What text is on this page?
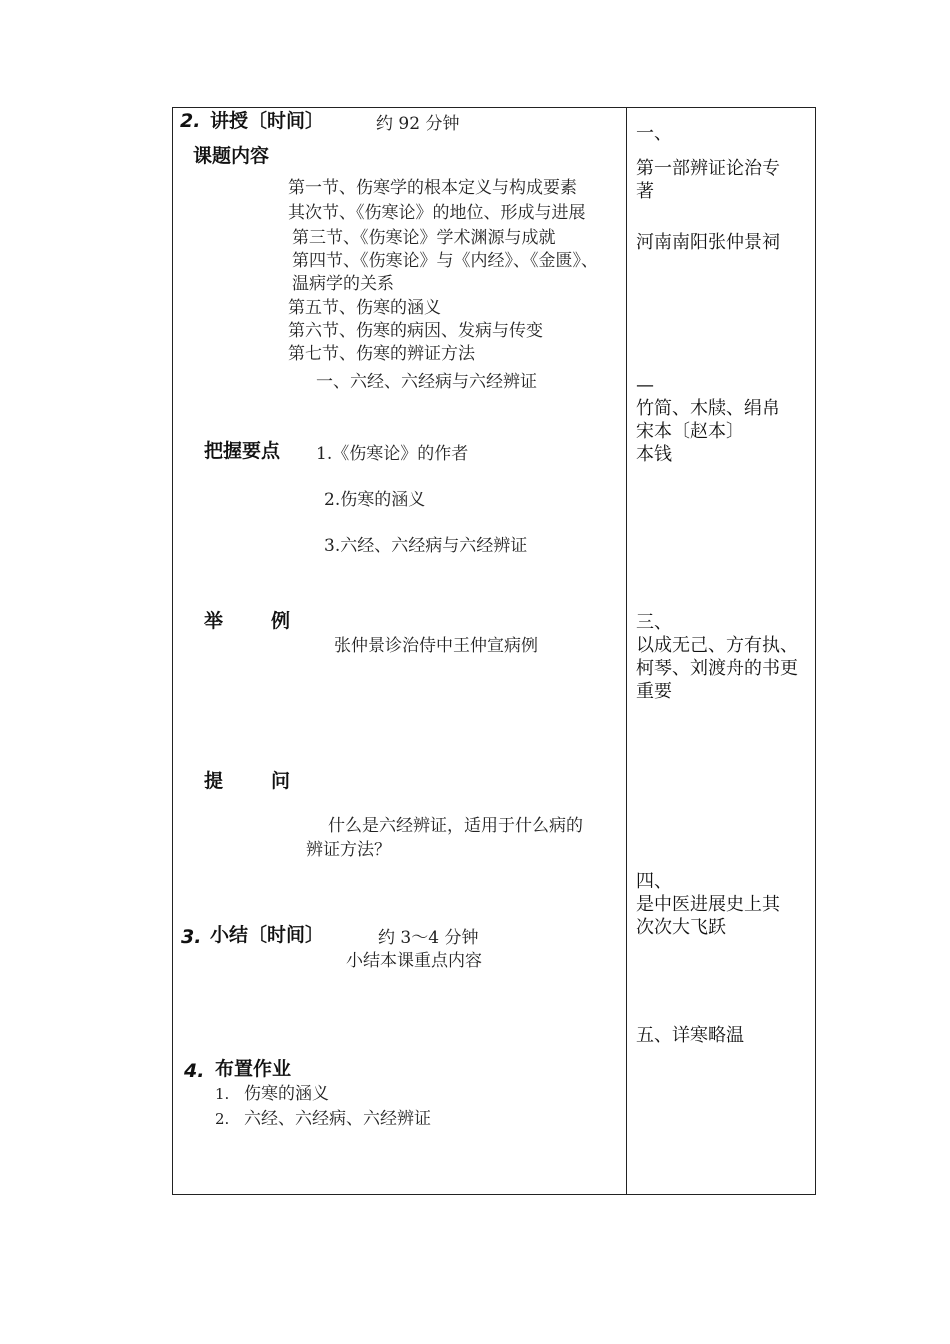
2. 讲授〔时间〕	约 92 分钟
课题内容
第一节、伤寒学的根本定义与构成要素
其次节、《伤寒论》的地位、形成与进展
第三节、《伤寒论》学术渊源与成就
第四节、《伤寒论》与《内经》、《金匮》、
温病学的关系
第五节、伤寒的涵义
第六节、伤寒的病因、发病与传变
第七节、伤寒的辨证方法
一、六经、六经病与六经辨证
把握要点 1.《伤寒论》的作者
2.伤寒的涵义
3.六经、六经病与六经辨证
举	例
张仲景诊治侍中王仲宣病例
提	问
什么是六经辨证，适用于什么病的
辨证方法？
3. 小结〔时间〕	约 3～4 分钟
小结本课重点内容
4. 布置作业
1. 伤寒的涵义
2. 六经、六经病、六经辨证
一、
第一部辨证论治专
著
河南南阳张仲景祠
—
竹简、木牍、绢帛
宋本〔赵本〕
本钱
三、
以成无己、方有执、
柯琴、刘渡舟的书更
重要
四、
是中医进展史上其
次次大飞跃
五、详寒略温
